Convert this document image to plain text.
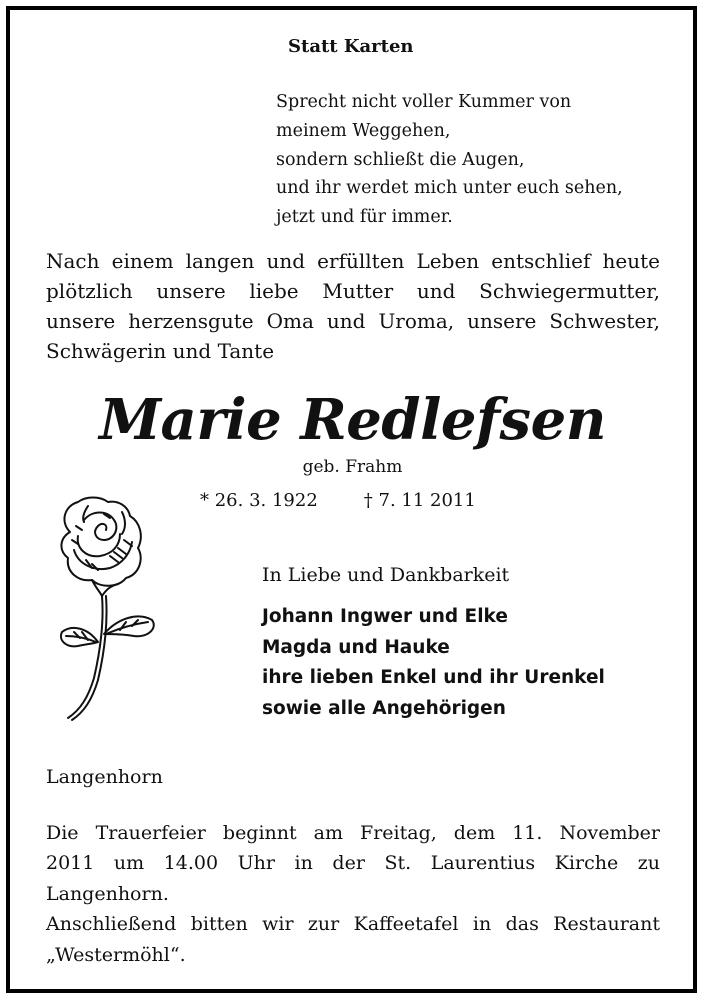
Statt Karten
Sprecht nicht voller Kummer von
meinem Weggehen,
sondern schließt die Augen,
und ihr werdet mich unter euch sehen,
jetzt und für immer.
Nach einem langen und erfüllten Leben entschlief heute
plötzlich unsere liebe Mutter und Schwiegermutter,
unsere herzensgute Oma und Uroma, unsere Schwester,
Schwägerin und Tante
Marie Redlefsen
geb. Frahm
* 26. 3. 1922	† 7. 11 2011
In Liebe und Dankbarkeit
Johann Ingwer und Elke
Magda und Hauke
ihre lieben Enkel und ihr Urenkel
sowie alle Angehörigen
Langenhorn
Die Trauerfeier beginnt am Freitag, dem 11. November
2011 um 14.00 Uhr in der St. Laurentius Kirche zu
Langenhorn.
Anschließend bitten wir zur Kaffeetafel in das Restaurant
„Westermöhl“.
